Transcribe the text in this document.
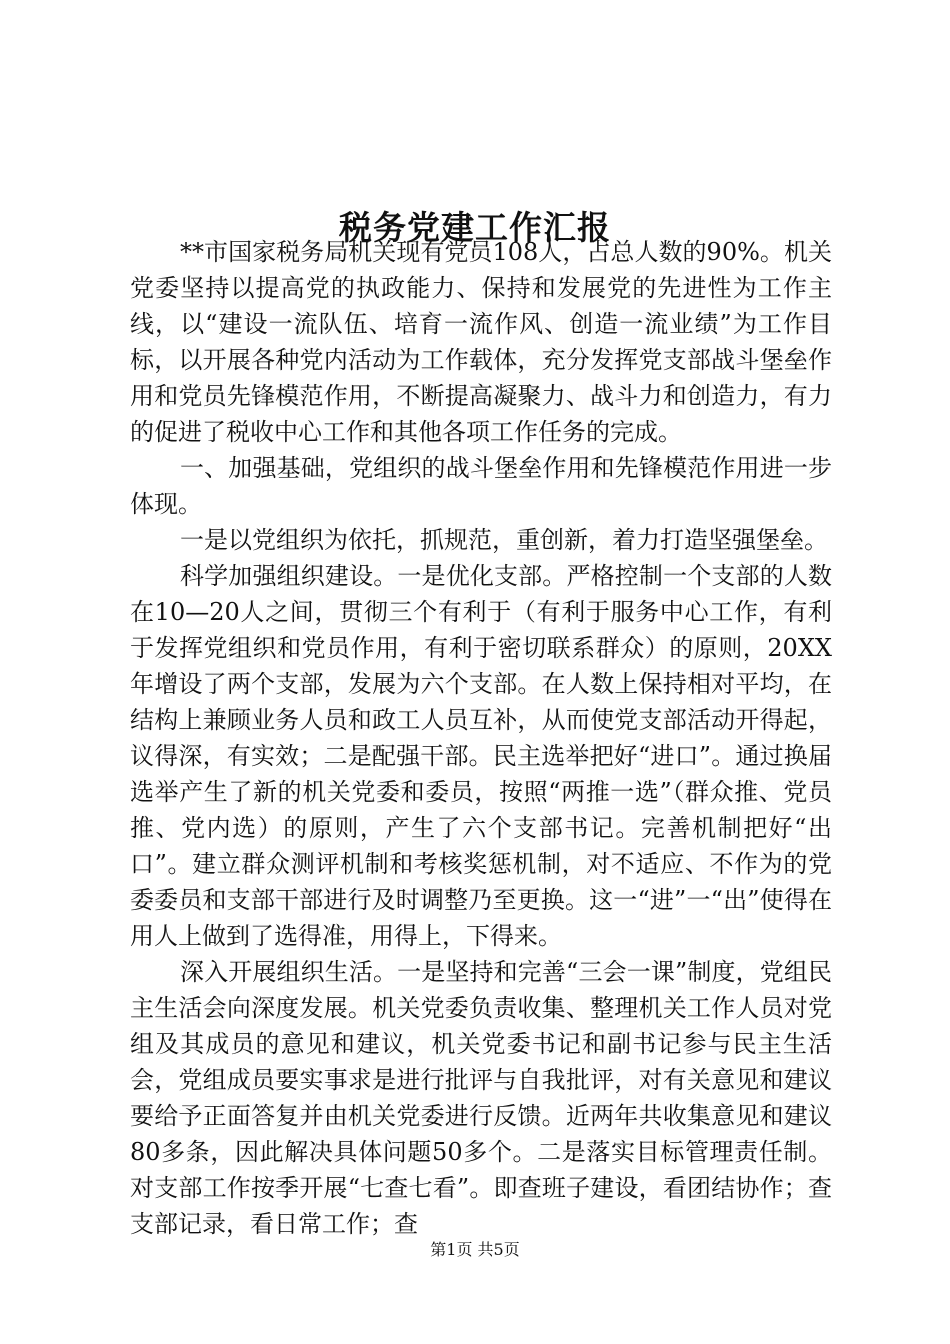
税务党建工作汇报

**市国家税务局机关现有党员108人，占总人数的90%。机关党委坚持以提高党的执政能力、保持和发展党的先进性为工作主线，以“建设一流队伍、培育一流作风、创造一流业绩”为工作目标，以开展各种党内活动为工作载体，充分发挥党支部战斗堡垒作用和党员先锋模范作用，不断提高凝聚力、战斗力和创造力，有力的促进了税收中心工作和其他各项工作任务的完成。

一、加强基础，党组织的战斗堡垒作用和先锋模范作用进一步体现。

一是以党组织为依托，抓规范，重创新，着力打造坚强堡垒。

科学加强组织建设。一是优化支部。严格控制一个支部的人数在10—20人之间，贯彻三个有利于（有利于服务中心工作，有利于发挥党组织和党员作用，有利于密切联系群众）的原则，20XX年增设了两个支部，发展为六个支部。在人数上保持相对平均，在结构上兼顾业务人员和政工人员互补，从而使党支部活动开得起，议得深，有实效；二是配强干部。民主选举把好“进口”。通过换届选举产生了新的机关党委和委员，按照“两推一选”（群众推、党员推、党内选）的原则，产生了六个支部书记。完善机制把好“出口”。建立群众测评机制和考核奖惩机制，对不适应、不作为的党委委员和支部干部进行及时调整乃至更换。这一“进”一“出”使得在用人上做到了选得准，用得上，下得来。

深入开展组织生活。一是坚持和完善“三会一课”制度，党组民主生活会向深度发展。机关党委负责收集、整理机关工作人员对党组及其成员的意见和建议，机关党委书记和副书记参与民主生活会，党组成员要实事求是进行批评与自我批评，对有关意见和建议要给予正面答复并由机关党委进行反馈。近两年共收集意见和建议80多条，因此解决具体问题50多个。二是落实目标管理责任制。对支部工作按季开展“七查七看”。即查班子建设，看团结协作；查支部记录，看日常工作；查

第1页 共5页
